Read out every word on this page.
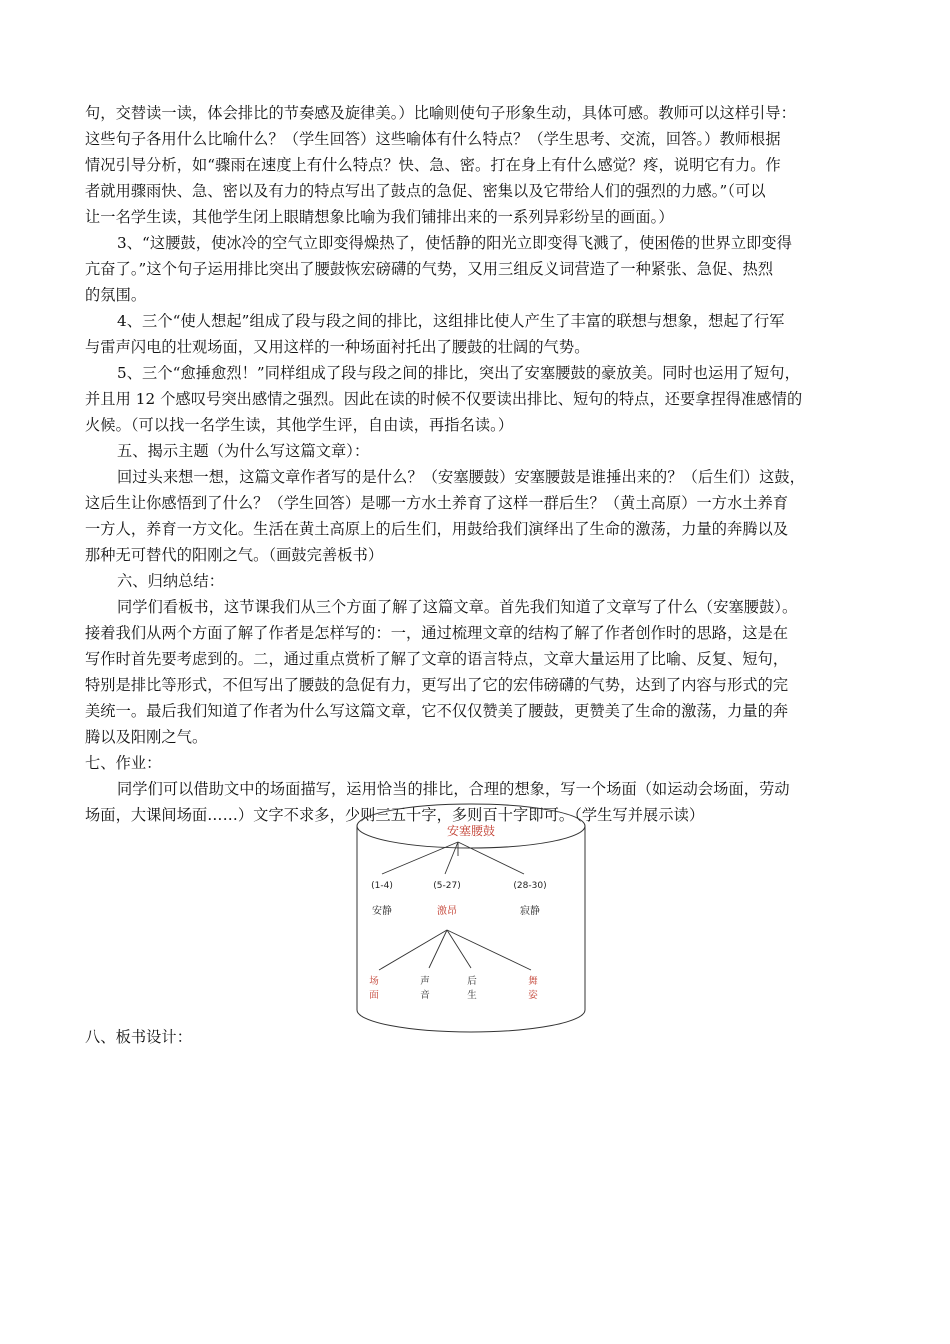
句，交替读一读，体会排比的节奏感及旋律美。）比喻则使句子形象生动，具体可感。教师可以这样引导：
这些句子各用什么比喻什么？（学生回答）这些喻体有什么特点？（学生思考、交流，回答。）教师根据
情况引导分析，如“骤雨在速度上有什么特点？快、急、密。打在身上有什么感觉？疼，说明它有力。作
者就用骤雨快、急、密以及有力的特点写出了鼓点的急促、密集以及它带给人们的强烈的力感。”（可以
让一名学生读，其他学生闭上眼睛想象比喻为我们铺排出来的一系列异彩纷呈的画面。）
3、“这腰鼓，使冰冷的空气立即变得燥热了，使恬静的阳光立即变得飞溅了，使困倦的世界立即变得
亢奋了。”这个句子运用排比突出了腰鼓恢宏磅礴的气势，又用三组反义词营造了一种紧张、急促、热烈
的氛围。
4、三个“使人想起”组成了段与段之间的排比，这组排比使人产生了丰富的联想与想象，想起了行军
与雷声闪电的壮观场面，又用这样的一种场面衬托出了腰鼓的壮阔的气势。
5、三个“愈捶愈烈！”同样组成了段与段之间的排比，突出了安塞腰鼓的豪放美。同时也运用了短句，
并且用 12 个感叹号突出感情之强烈。因此在读的时候不仅要读出排比、短句的特点，还要拿捏得准感情的
火候。（可以找一名学生读，其他学生评，自由读，再指名读。）
五、揭示主题（为什么写这篇文章）：
回过头来想一想，这篇文章作者写的是什么？（安塞腰鼓）安塞腰鼓是谁捶出来的？（后生们）这鼓，
这后生让你感悟到了什么？（学生回答）是哪一方水土养育了这样一群后生？（黄土高原）一方水土养育
一方人，养育一方文化。生活在黄土高原上的后生们，用鼓给我们演绎出了生命的激荡，力量的奔腾以及
那种无可替代的阳刚之气。（画鼓完善板书）
六、归纳总结：
同学们看板书，这节课我们从三个方面了解了这篇文章。首先我们知道了文章写了什么（安塞腰鼓）。
接着我们从两个方面了解了作者是怎样写的：一，通过梳理文章的结构了解了作者创作时的思路，这是在
写作时首先要考虑到的。二，通过重点赏析了解了文章的语言特点，文章大量运用了比喻、反复、短句，
特别是排比等形式，不但写出了腰鼓的急促有力，更写出了它的宏伟磅礴的气势，达到了内容与形式的完
美统一。最后我们知道了作者为什么写这篇文章，它不仅仅赞美了腰鼓，更赞美了生命的激荡，力量的奔
腾以及阳刚之气。
七、作业：
同学们可以借助文中的场面描写，运用恰当的排比，合理的想象，写一个场面（如运动会场面，劳动
场面，大课间场面……）文字不求多，少则三五十字，多则百十字即可。（学生写并展示读）
安塞腰鼓
(1-4)	(5-27)	(28-30)
安静	激昂	寂静
场
面
声
音
后
生
舞
姿
八、板书设计：
